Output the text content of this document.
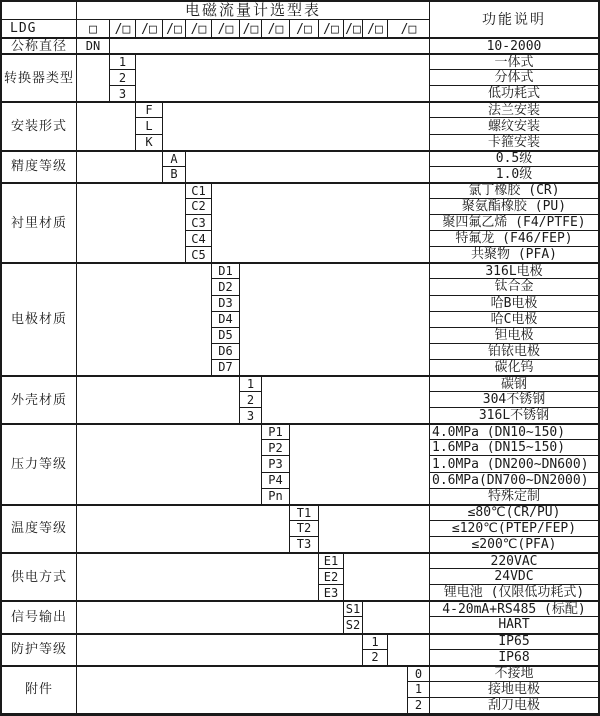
电磁流量计选型表
功能说明
LDG	□	/□ /□ /□ /□ /□ /□ /□ /□ /□ /□ /□	/□
公称直径	DN	10-2000
转换器类型
1	一体式
2	分体式
3	低功耗式
安装形式
F	法兰安装
L	螺纹安装
K	卡箍安装
精度等级
A	0.5级
B	1.0级
衬里材质
C1	氯丁橡胶 (CR)
C2	聚氨酯橡胶 (PU)
C3	聚四氟乙烯 (F4/PTFE)
C4	特氟龙 (F46/FEP)
C5	共聚物 (PFA)
电极材质
D1	316L电极
D2	钛合金
D3	哈B电极
D4	哈C电极
D5	钽电极
D6	铂铱电极
D7	碳化钨
外壳材质
1	碳钢
2	304不锈钢
3	316L不锈钢
压力等级
P1	4.0MPa (DN10~150)
P2	1.6MPa (DN15~150)
P3	1.0MPa (DN200~DN600)
P4	0.6MPa(DN700~DN2000)
Pn	特殊定制
温度等级
T1	≤80℃(CR/PU)
T2	≤120℃(PTEP/FEP)
T3	≤200℃(PFA)
供电方式
E1	220VAC
E2	24VDC
E3	锂电池 (仅限低功耗式)
信号输出
S1	4-20mA+RS485 (标配)
S2	HART
防护等级
1	IP65
2	IP68
附件
0	不接地
1	接地电极
2	刮刀电极
